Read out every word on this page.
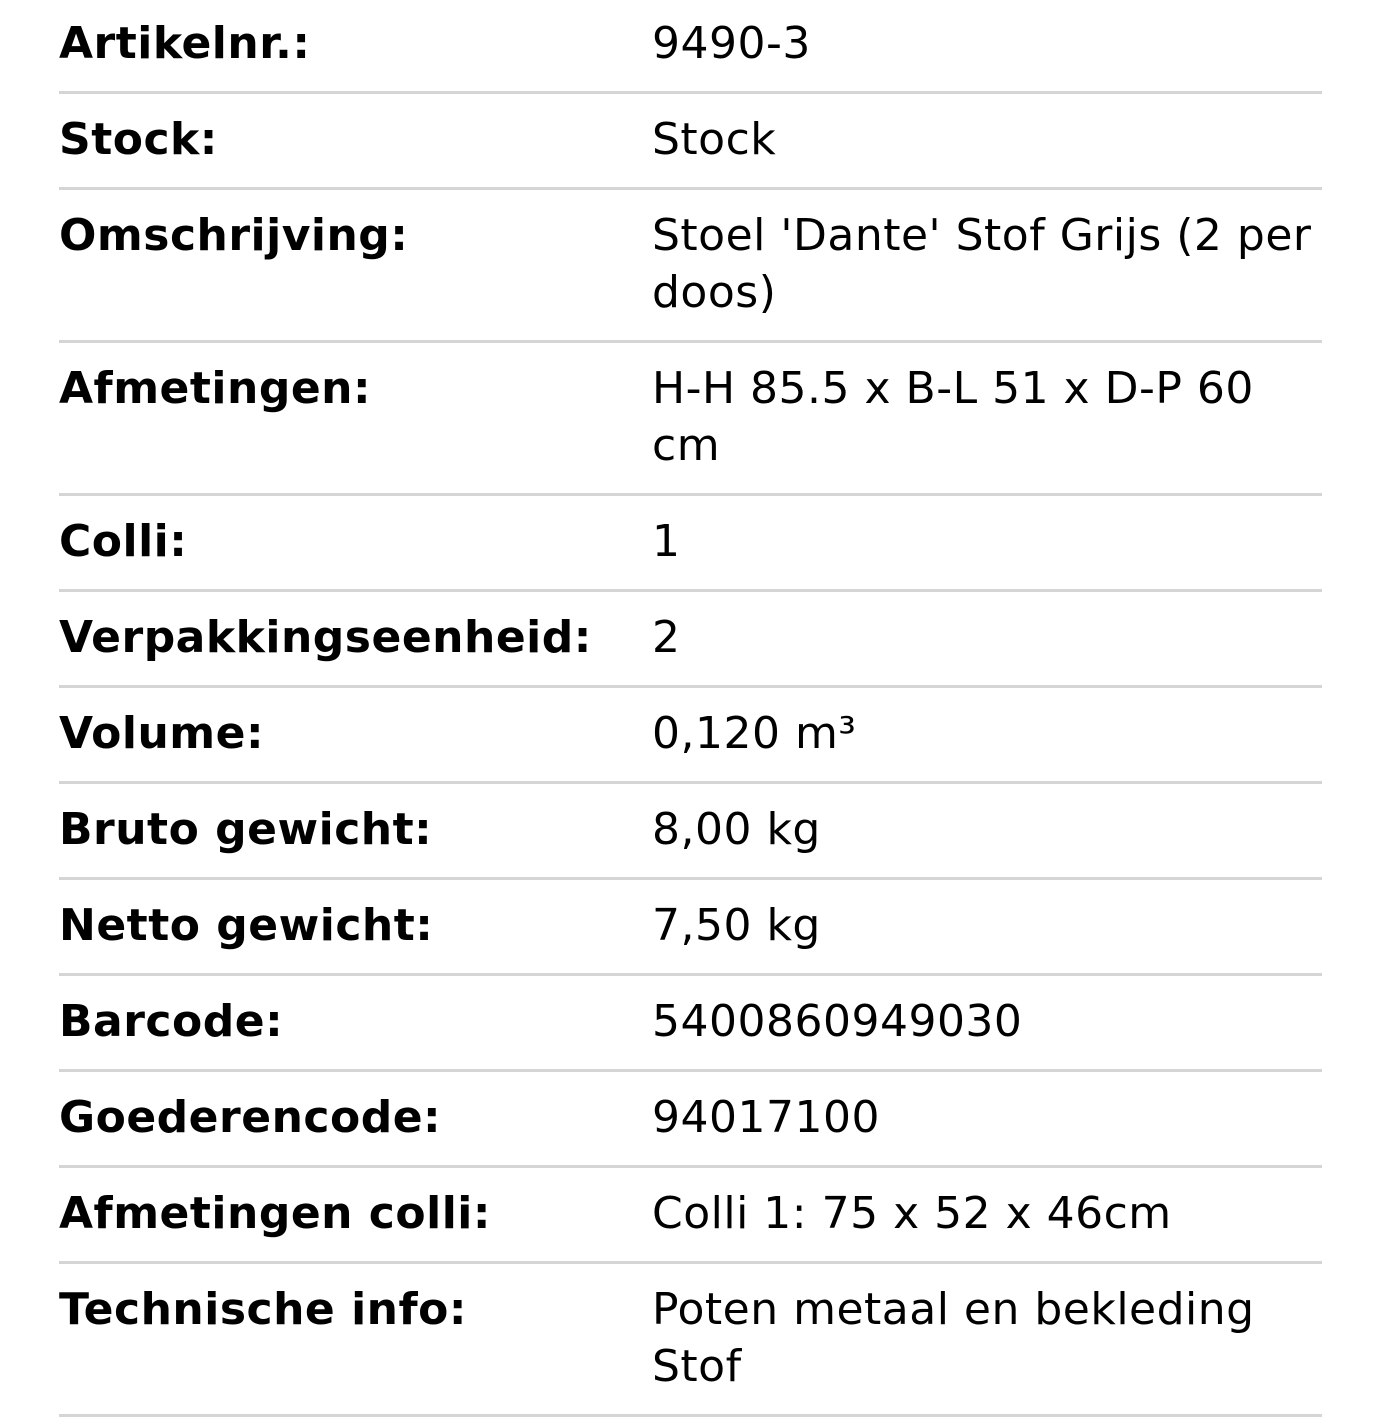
Artikelnr.:	9490-3
Stock:	Stock
Omschrijving:	Stoel 'Dante' Stof Grijs (2 per doos)
Afmetingen:	H-H 85.5 x B-L 51 x D-P 60 cm
Colli:	1
Verpakkingseenheid:	2
Volume:	0,120 m³
Bruto gewicht:	8,00 kg
Netto gewicht:	7,50 kg
Barcode:	5400860949030
Goederencode:	94017100
Afmetingen colli:	Colli 1: 75 x 52 x 46cm
Technische info:	Poten metaal en bekleding Stof
